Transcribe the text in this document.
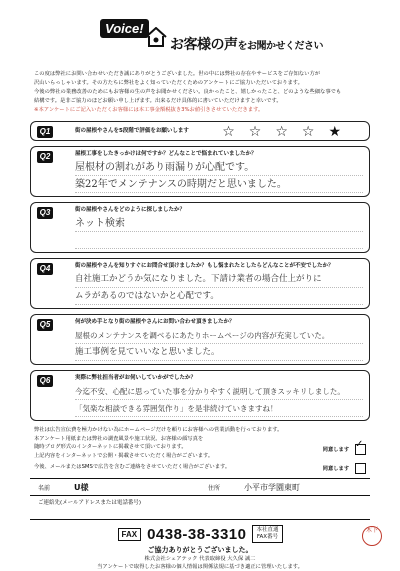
Voice!
お客様の声をお聞かせください
この度は弊社にお問い合わせいただき誠にありがとうございました。世の中には弊社の存在やサービスをご存知ない方が
沢山いらっしゃいます。その方たちに弊社をよく知っていただくためのアンケートにご協力いただいております。
今後の弊社の業務改善のためにもお客様の生の声をお聞かせください。良かったこと、嬉しかったこと、どのような些細な事でも
結構です。是非ご協力のほどお願い申し上げます。出来るだけ具体的に書いていただけますと幸いです。
※本アンケートにご記入いただくお客様には本工事金額税抜き3%お値引きさせていただきます。
Q1	街の屋根やさんを5段階で評価をお願いします	☆☆☆☆★
Q2	屋根工事をしたきっかけは何ですか？どんなことで悩まれていましたか？
屋根材の割れがあり雨漏りが心配です。
築22年でメンテナンスの時期だと思いました。
Q3	街の屋根やさんをどのように探しましたか？
ネット検索

Q4	街の屋根やさんを知りすぐにお問合せ頂けましたか？もし悩まれたとしたらどんなことが不安でしたか？
自社施工かどうか気になりました。下請け業者の場合仕上がりに
ムラがあるのではないかと心配です。
Q5	何が決め手となり街の屋根やさんにお問い合わせ頂きましたか？
屋根のメンテナンスを調べるにあたりホームページの内容が充実していた。
施工事例を見ていいなと思いました。
Q6	実際に弊社担当者がお伺いしていかがでしたか？
今迄不安、心配に思っていた事を分かりやすく説明して頂きスッキリしました。
「気楽な相談できる雰囲気作り」を是非続けていきますね！
弊社は広告宣伝費を極力かけない為にホームページだけを頼りにお客様への営業活動を行っております。
本アンケート用紙または弊社の調査風景や施工状況、お客様の顔写真を
随時ブログ形式のインターネットに掲載させて頂いております。
上記内容をインターネットで公開・掲載させていただく場合がございます。
同意します ✓
今後、メールまたはSMSで広告を含むご連絡をさせていただく場合がございます。	同意します
名前	U様	住所	小平市学園東町
ご連絡先(メールアドレスまたは電話番号)
FAX 0438-38-3310	本社直通
FAX番号
ご協力ありがとうございました。
株式会社シェアテック 代表取締役 大久保 誠二
当アンケートで取得したお客様の個人情報は関係法規に基づき適正に管理いたします。
木下
